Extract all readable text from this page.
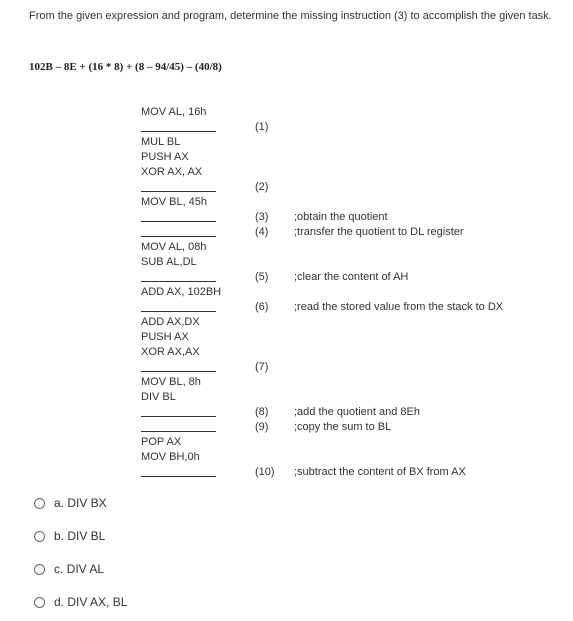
From the given expression and program, determine the missing instruction (3) to accomplish the given task.
102B – 8E + (16 * 8) + (8 – 94/45) – (40/8)
MOV AL, 16h
MUL BL
PUSH AX
XOR AX, AX
MOV BL, 45h
MOV AL, 08h
SUB AL,DL
ADD AX, 102BH
ADD AX,DX
PUSH AX
XOR AX,AX
MOV BL, 8h
DIV BL
POP AX
MOV BH,0h
(1)
(2)
(3)
(4)
(5)
(6)
(7)
(8)
(9)
(10)
;obtain the quotient
;transfer the quotient to DL register
;clear the content of AH
;read the stored value from the stack to DX
;add the quotient and 8Eh
;copy the sum to BL
;subtract the content of BX from AX
a. DIV BX
b. DIV BL
c. DIV AL
d. DIV AX, BL
